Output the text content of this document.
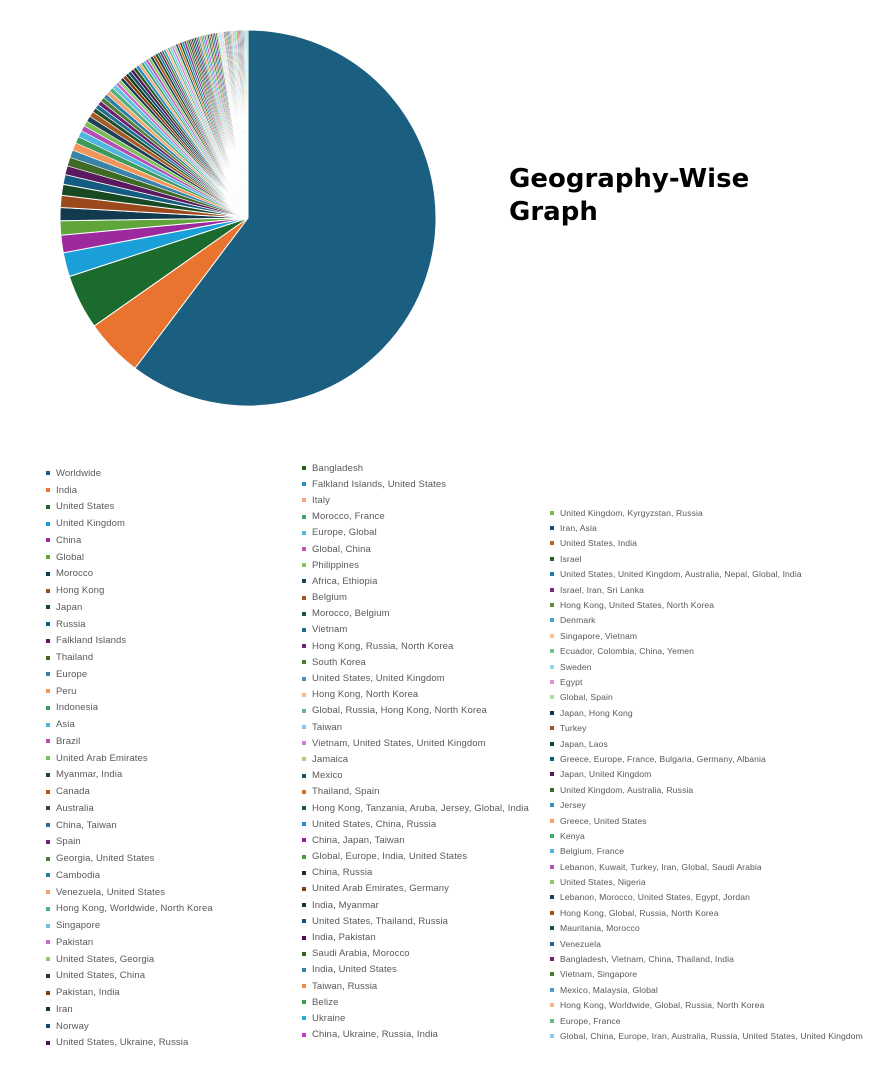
Geography-Wise Graph
Worldwide
India
United States
United Kingdom
China
Global
Morocco
Hong Kong
Japan
Russia
Falkland Islands
Thailand
Europe
Peru
Indonesia
Asia
Brazil
United Arab Emirates
Myanmar, India
Canada
Australia
China, Taiwan
Spain
Georgia, United States
Cambodia
Venezuela, United States
Hong Kong, Worldwide, North Korea
Singapore
Pakistan
United States, Georgia
United States, China
Pakistan, India
Iran
Norway
United States, Ukraine, Russia
Bangladesh
Falkland Islands, United States
Italy
Morocco, France
Europe, Global
Global, China
Philippines
Africa, Ethiopia
Belgium
Morocco, Belgium
Vietnam
Hong Kong, Russia, North Korea
South Korea
United States, United Kingdom
Hong Kong, North Korea
Global, Russia, Hong Kong, North Korea
Taiwan
Vietnam, United States, United Kingdom
Jamaica
Mexico
Thailand, Spain
Hong Kong, Tanzania, Aruba, Jersey, Global, India
United States, China, Russia
China, Japan, Taiwan
Global, Europe, India, United States
China, Russia
United Arab Emirates, Germany
India, Myanmar
United States, Thailand, Russia
India, Pakistan
Saudi Arabia, Morocco
India, United States
Taiwan, Russia
Belize
Ukraine
China, Ukraine, Russia, India
United Kingdom, Kyrgyzstan, Russia
Iran, Asia
United States, India
Israel
United States, United Kingdom, Australia, Nepal, Global, India
Israel, Iran, Sri Lanka
Hong Kong, United States, North Korea
Denmark
Singapore, Vietnam
Ecuador, Colombia, China, Yemen
Sweden
Egypt
Global, Spain
Japan, Hong Kong
Turkey
Japan, Laos
Greece, Europe, France, Bulgaria, Germany, Albania
Japan, United Kingdom
United Kingdom, Australia, Russia
Jersey
Greece, United States
Kenya
Belgium, France
Lebanon, Kuwait, Turkey, Iran, Global, Saudi Arabia
United States, Nigeria
Lebanon, Morocco, United States, Egypt, Jordan
Hong Kong, Global, Russia, North Korea
Mauritania, Morocco
Venezuela
Bangladesh, Vietnam, China, Thailand, India
Vietnam, Singapore
Mexico, Malaysia, Global
Hong Kong, Worldwide, Global, Russia, North Korea
Europe, France
Global, China, Europe, Iran, Australia, Russia, United States, United Kingdom
